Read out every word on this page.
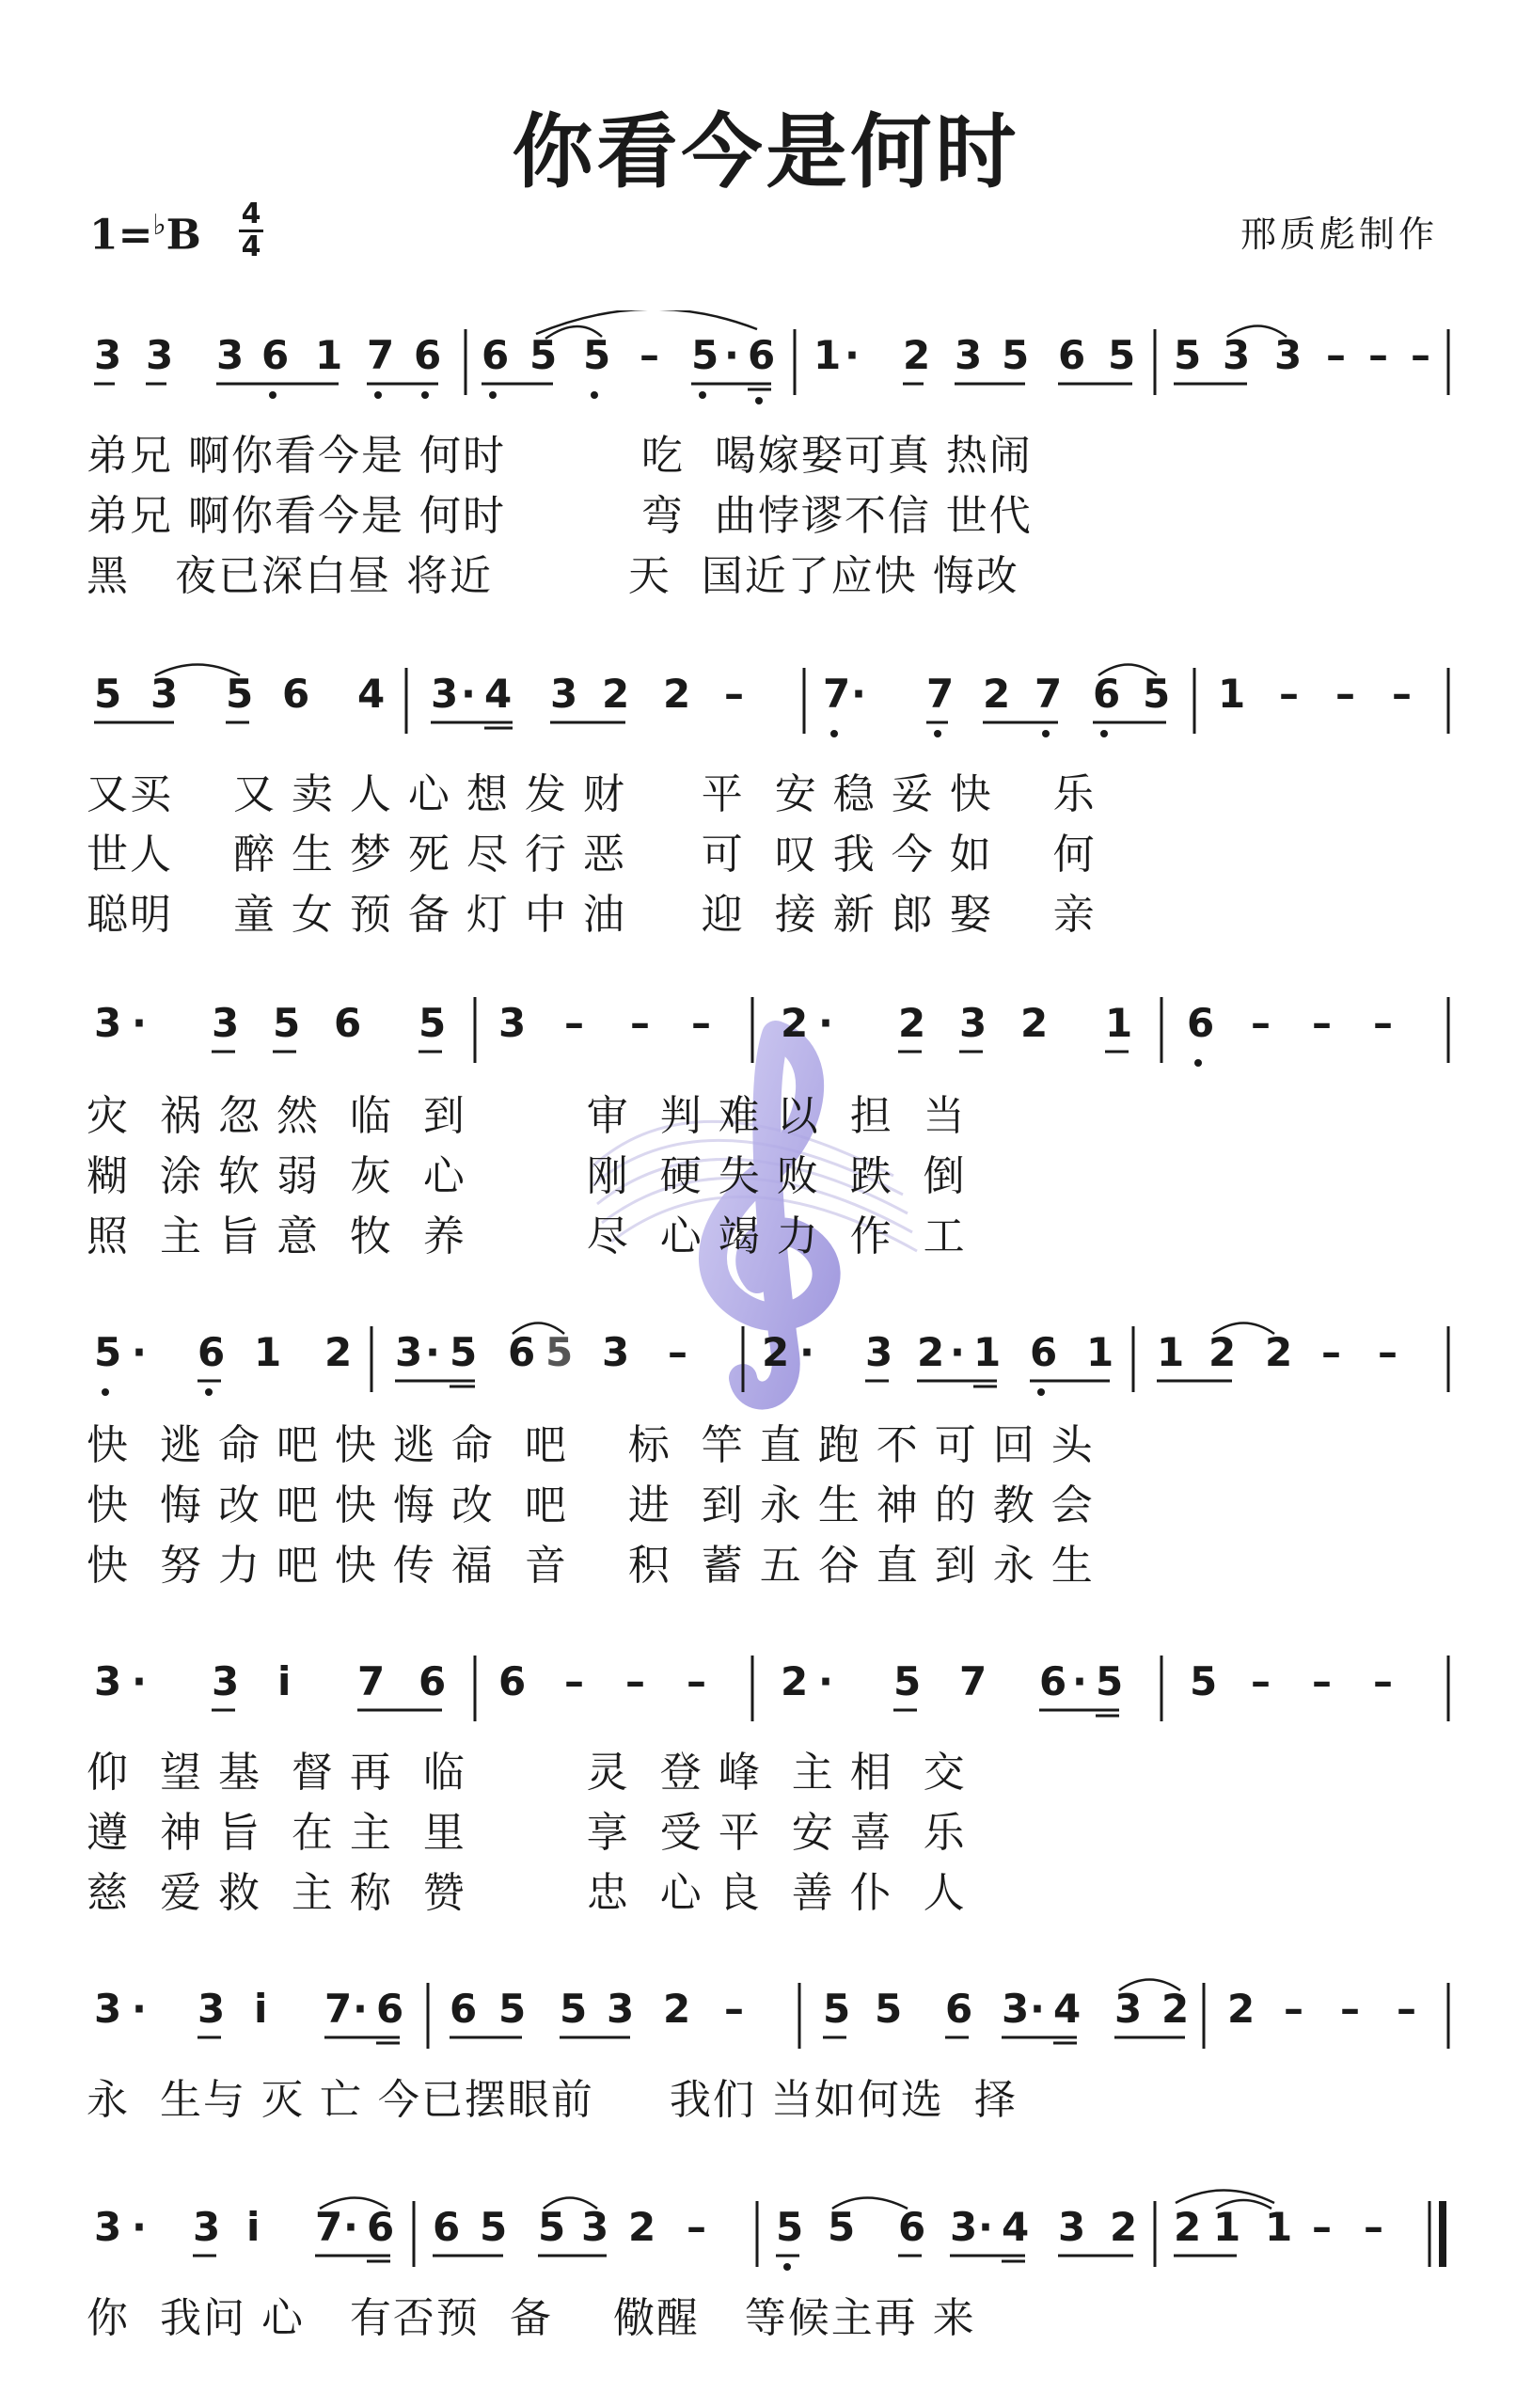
你看今是何时
1=♭B 4
4	邢质彪制作
3 3 3 6 1 7 6 6 5 5 – 5 · 6 1 · 2 3 5 6 5 5 3 3 – – –
弟兄 啊你看今是 何时         吃  喝嫁娶可真 热闹
弟兄 啊你看今是 何时         弯  曲悖谬不信 世代
黑   夜已深白昼 将近         天  国近了应快 悔改
5 3 5 6 4 3 · 4 3 2 2 – 7 · 7 2 7 6 5 1 – – –
又买    又 卖 人 心 想 发 财     平  安 稳 妥 快    乐
世人    醉 生 梦 死 尽 行 恶     可  叹 我 今 如    何
聪明    童 女 预 备 灯 中 油     迎  接 新 郎 娶    亲
3 · 3 5 6 5 3 – – – 2 · 2 3 2 1 6 – – –
灾  祸 忽 然  临  到        审  判 难 以  担  当
糊  涂 软 弱  灰  心        刚  硬 失 败  跌  倒
照  主 旨 意  牧  养        尽  心 竭 力  作  工
5 · 6 1 2 3 · 5 6 5 3 – 2 · 3 2 · 1 6 1 1 2 2 – –
快  逃 命 吧 快 逃 命  吧    标  竿 直 跑 不 可 回 头
快  悔 改 吧 快 悔 改  吧    进  到 永 生 神 的 教 会
快  努 力 吧 快 传 福  音    积  蓄 五 谷 直 到 永 生
3 · 3 i 7 6 6 – – – 2 · 5 7 6 · 5 5 – – –
仰  望 基  督 再  临        灵  登 峰  主 相  交
遵  神 旨  在 主  里        享  受 平  安 喜  乐
慈  爱 救  主 称  赞        忠  心 良  善 仆  人
3 · 3 i 7 · 6 6 5 5 3 2 – 5 5 6 3 · 4 3 2 2 – – –
永  生与 灭 亡 今已摆眼前     我们 当如何选  择
3 · 3 i 7 · 6 6 5 5 3 2 – 5 5 6 3 · 4 3 2 2 1 1 – –
你  我问 心   有否预  备    儆醒   等候主再 来
